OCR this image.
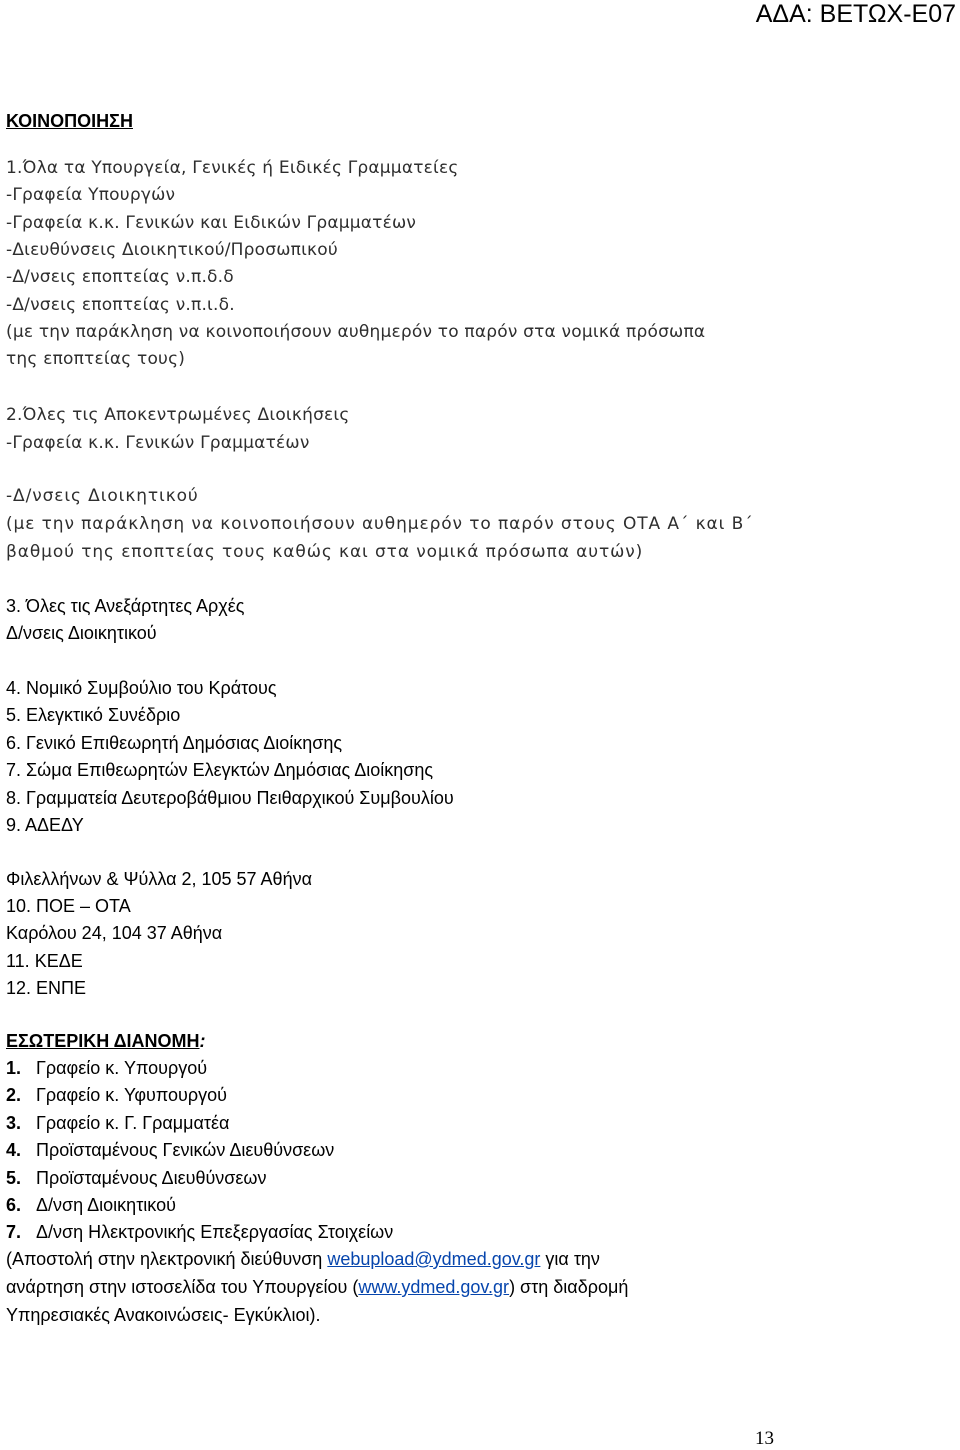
ΑΔΑ: ΒΕΤΩΧ-Ε07
ΚΟΙΝΟΠΟΙΗΣΗ
1.Όλα τα Υπουργεία, Γενικές ή Ειδικές Γραμματείες
-Γραφεία Υπουργών
-Γραφεία κ.κ. Γενικών και Ειδικών Γραμματέων
-Διευθύνσεις Διοικητικού/Προσωπικού
-Δ/νσεις εποπτείας ν.π.δ.δ
-Δ/νσεις εποπτείας ν.π.ι.δ.
(με την παράκληση να κοινοποιήσουν αυθημερόν το παρόν στα νομικά πρόσωπα
της εποπτείας τους)
2.Όλες τις Αποκεντρωμένες Διοικήσεις
-Γραφεία κ.κ. Γενικών Γραμματέων
-Δ/νσεις Διοικητικού
(με την παράκληση να κοινοποιήσουν αυθημερόν το παρόν στους ΟΤΑ Α΄ και Β΄
βαθμού της εποπτείας τους καθώς και στα νομικά πρόσωπα αυτών)
3. Όλες τις Ανεξάρτητες Αρχές
Δ/νσεις Διοικητικού
4. Νομικό Συμβούλιο του Κράτους
5. Ελεγκτικό Συνέδριο
6. Γενικό Επιθεωρητή Δημόσιας Διοίκησης
7. Σώμα Επιθεωρητών Ελεγκτών Δημόσιας Διοίκησης
8. Γραμματεία Δευτεροβάθμιου Πειθαρχικού Συμβουλίου
9. ΑΔΕΔΥ
Φιλελλήνων & Ψύλλα 2, 105 57 Αθήνα
10. ΠΟΕ – ΟΤΑ
Καρόλου 24, 104 37 Αθήνα
11. ΚΕΔΕ
12. ΕΝΠΕ
ΕΣΩΤΕΡΙΚΗ ΔΙΑΝΟΜΗ:
1. Γραφείο κ. Υπουργού
2. Γραφείο κ. Υφυπουργού
3. Γραφείο κ. Γ. Γραμματέα
4. Προϊσταμένους Γενικών Διευθύνσεων
5. Προϊσταμένους Διευθύνσεων
6. Δ/νση Διοικητικού
7. Δ/νση Ηλεκτρονικής Επεξεργασίας Στοιχείων
(Αποστολή στην ηλεκτρονική διεύθυνση webupload@ydmed.gov.gr για την
ανάρτηση στην ιστοσελίδα του Υπουργείου (www.ydmed.gov.gr) στη διαδρομή
Υπηρεσιακές Ανακοινώσεις- Εγκύκλιοι).
13
